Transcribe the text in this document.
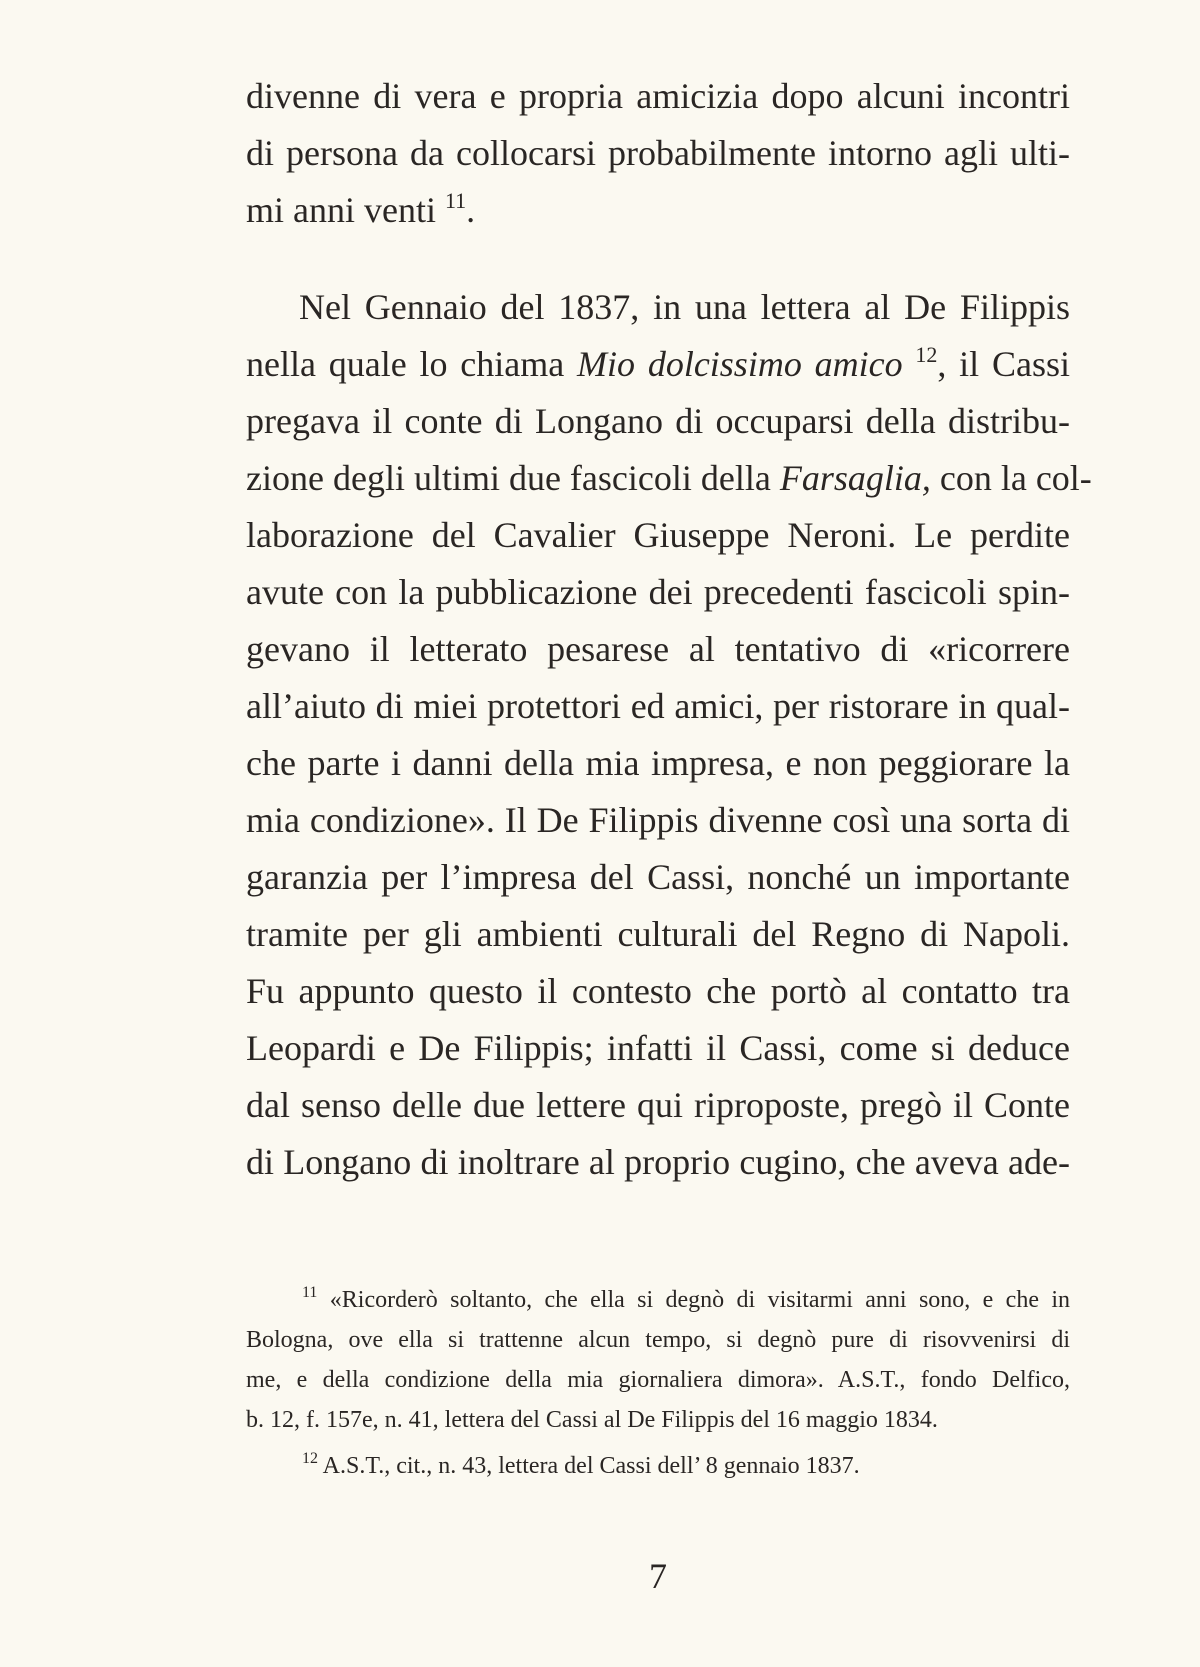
divenne di vera e propria amicizia dopo alcuni incontri
di persona da collocarsi probabilmente intorno agli ulti-
mi anni venti $^{11}$.
Nel Gennaio del 1837, in una lettera al De Filippis
nella quale lo chiama Mio dolcissimo amico $^{12}$, il Cassi
pregava il conte di Longano di occuparsi della distribu-
zione degli ultimi due fascicoli della Farsaglia, con la col-
laborazione del Cavalier Giuseppe Neroni. Le perdite
avute con la pubblicazione dei precedenti fascicoli spin-
gevano il letterato pesarese al tentativo di «ricorrere
all’aiuto di miei protettori ed amici, per ristorare in qual-
che parte i danni della mia impresa, e non peggiorare la
mia condizione». Il De Filippis divenne così una sorta di
garanzia per l’impresa del Cassi, nonché un importante
tramite per gli ambienti culturali del Regno di Napoli.
Fu appunto questo il contesto che portò al contatto tra
Leopardi e De Filippis; infatti il Cassi, come si deduce
dal senso delle due lettere qui riproposte, pregò il Conte
di Longano di inoltrare al proprio cugino, che aveva ade-
$^{11}$ «Ricorderò soltanto, che ella si degnò di visitarmi anni sono, e che in
Bologna, ove ella si trattenne alcun tempo, si degnò pure di risovvenirsi di
me, e della condizione della mia giornaliera dimora». A.S.T., fondo Delfico,
b. 12, f. 157e, n. 41, lettera del Cassi al De Filippis del 16 maggio 1834.
$^{12}$ A.S.T., cit., n. 43, lettera del Cassi dell’ 8 gennaio 1837.
7
